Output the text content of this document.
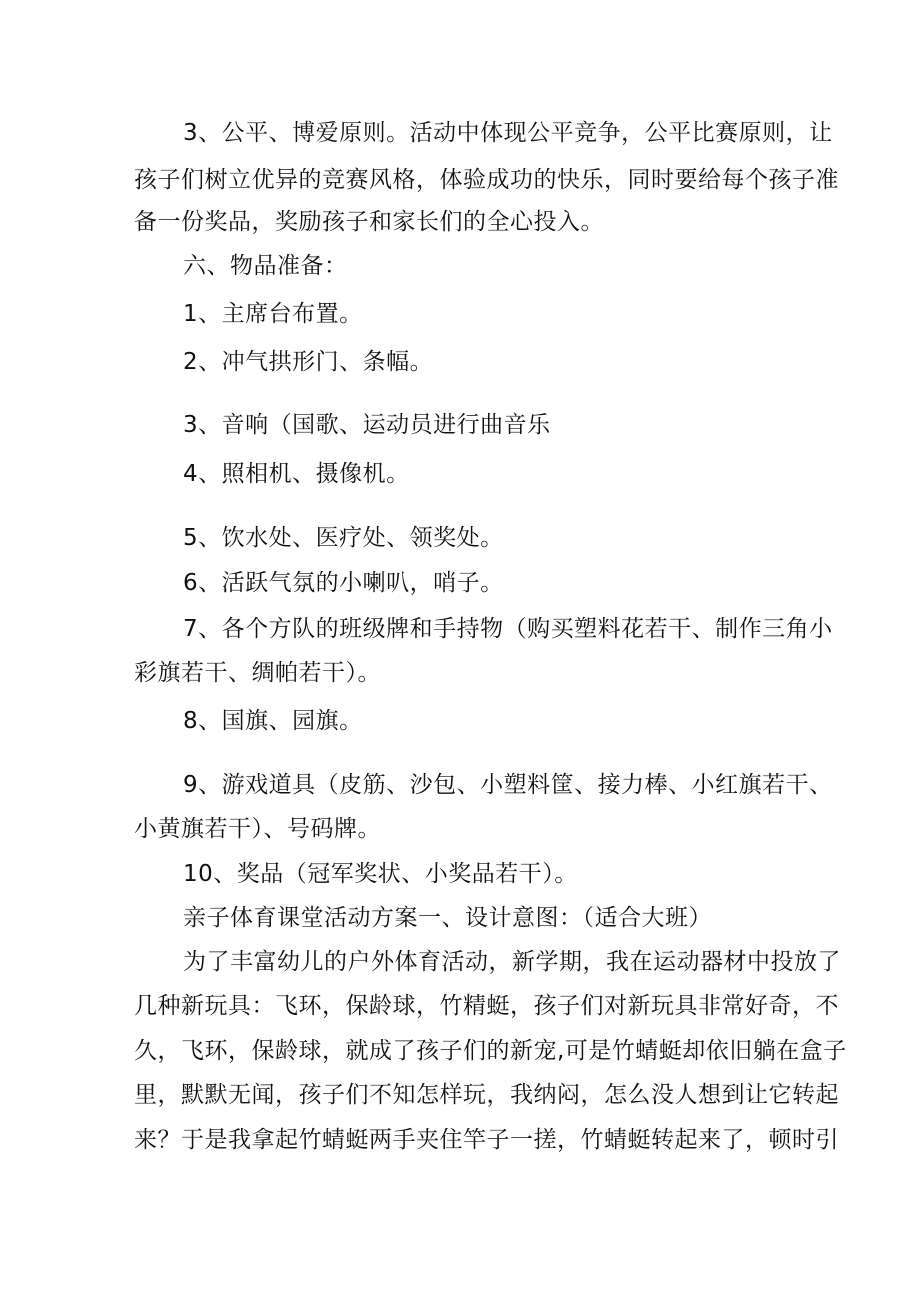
3、公平、博爱原则。活动中体现公平竞争，公平比赛原则，让
孩子们树立优异的竞赛风格，体验成功的快乐，同时要给每个孩子准
备一份奖品，奖励孩子和家长们的全心投入。
六、物品准备：
1、主席台布置。
2、冲气拱形门、条幅。
3、音响（国歌、运动员进行曲音乐
4、照相机、摄像机。
5、饮水处、医疗处、领奖处。
6、活跃气氛的小喇叭，哨子。
7、各个方队的班级牌和手持物（购买塑料花若干、制作三角小
彩旗若干、绸帕若干）。
8、国旗、园旗。
9、游戏道具（皮筋、沙包、小塑料筐、接力棒、小红旗若干、
小黄旗若干）、号码牌。
10、奖品（冠军奖状、小奖品若干）。
亲子体育课堂活动方案一、设计意图：（适合大班）
为了丰富幼儿的户外体育活动，新学期，我在运动器材中投放了
几种新玩具：飞环，保龄球，竹精蜓，孩子们对新玩具非常好奇，不
久，飞环，保龄球，就成了孩子们的新宠,可是竹蜻蜓却依旧躺在盒子
里，默默无闻，孩子们不知怎样玩，我纳闷，怎么没人想到让它转起
来？于是我拿起竹蜻蜓两手夹住竿子一搓，竹蜻蜓转起来了，顿时引
